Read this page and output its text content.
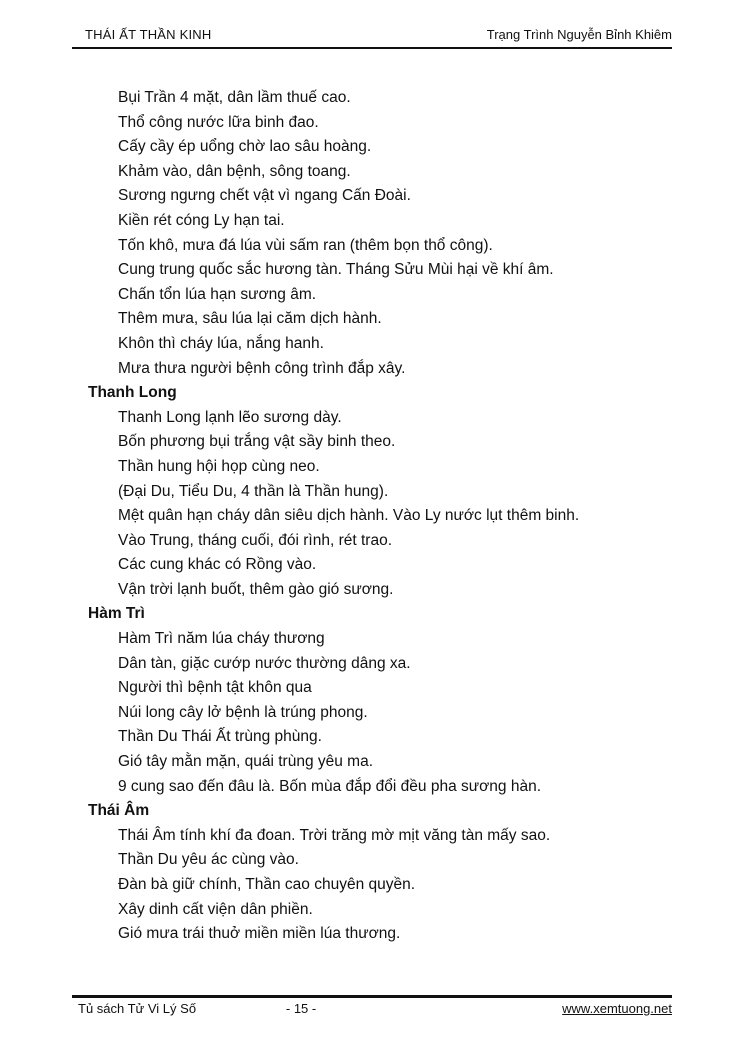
THÁI ẤT THẦN KINH	Trạng Trình Nguyễn Bỉnh Khiêm
Bụi Trần 4 mặt, dân lầm thuế cao.
Thổ công nước lữa binh đao.
Cấy cầy ép uổng chờ lao sâu hoàng.
Khảm vào, dân bệnh, sông toang.
Sương ngưng chết vật vì ngang Cấn Đoài.
Kiền rét cóng Ly hạn tai.
Tốn khô, mưa đá lúa vùi sấm ran (thêm bọn thổ công).
Cung trung quốc sắc hương tàn. Tháng Sửu Mùi hại về khí âm.
Chấn tổn lúa hạn sương âm.
Thêm mưa, sâu lúa lại căm dịch hành.
Khôn thì cháy lúa, nắng hanh.
Mưa thưa người bệnh công trình đắp xây.
Thanh Long
Thanh Long lạnh lẽo sương dày.
Bốn phương bụi trắng vật sầy binh theo.
Thần hung hội họp cùng neo.
(Đại Du, Tiểu Du, 4 thần là Thần hung).
Mệt quân hạn cháy dân siêu dịch hành. Vào Ly nước lụt thêm binh.
Vào Trung, tháng cuối, đói rình, rét trao.
Các cung khác có Rồng vào.
Vận trời lạnh buốt, thêm gào gió sương.
Hàm Trì
Hàm Trì năm lúa cháy thương
Dân tàn, giặc cướp nước thường dâng xa.
Người thì bệnh tật khôn qua
Núi long cây lở bệnh là trúng phong.
Thần Du Thái Ất trùng phùng.
Gió tây mằn mặn, quái trùng yêu ma.
9 cung sao đến đâu là. Bốn mùa đắp đổi đều pha sương hàn.
Thái Âm
Thái Âm tính khí đa đoan. Trời trăng mờ mịt văng tàn mấy sao.
Thần Du yêu ác cùng vào.
Đàn bà giữ chính, Thần cao chuyên quyền.
Xây dinh cất viện dân phiền.
Gió mưa trái thuở miền miền lúa thương.
Tủ sách Tử Vi Lý Số	- 15 -	www.xemtuong.net
